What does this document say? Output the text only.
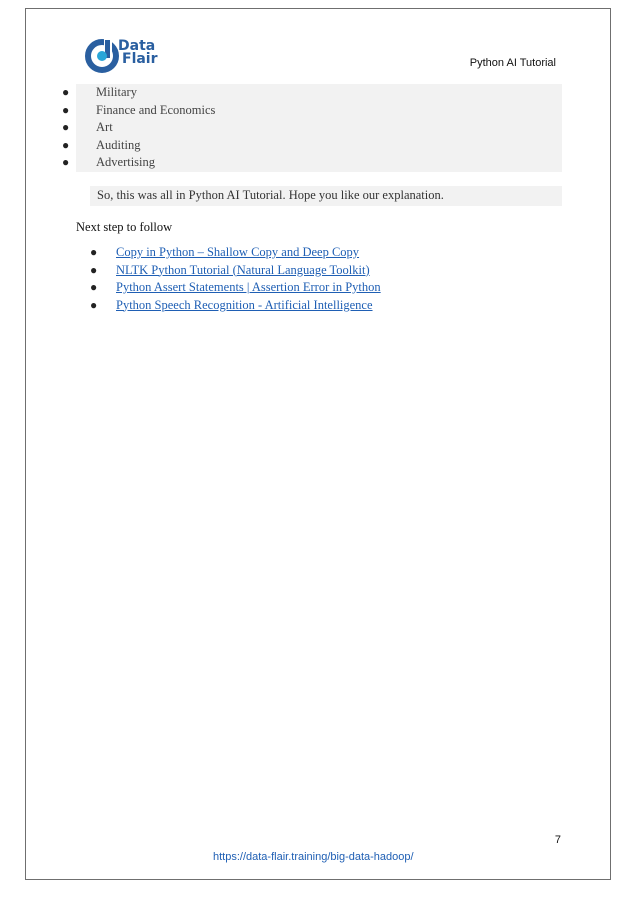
Data
Flair	Python AI Tutorial
● Military
● Finance and Economics
● Art
● Auditing
● Advertising
So, this was all in Python AI Tutorial. Hope you like our explanation.
Next step to follow
● Copy in Python – Shallow Copy and Deep Copy
● NLTK Python Tutorial (Natural Language Toolkit)
● Python Assert Statements | Assertion Error in Python
● Python Speech Recognition - Artificial Intelligence
7
https://data-flair.training/big-data-hadoop/
